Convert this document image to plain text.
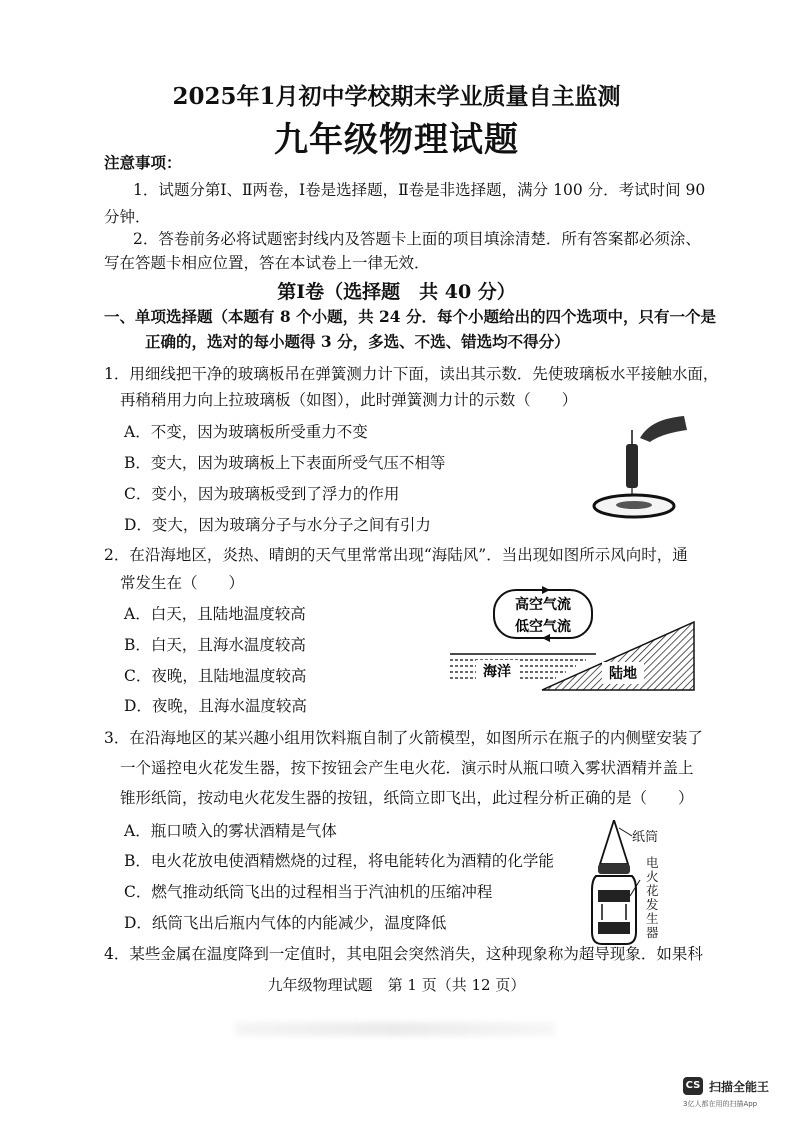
2025年1月初中学校期末学业质量自主监测
九年级物理试题
注意事项：
1．试题分第Ⅰ、Ⅱ两卷，Ⅰ卷是选择题，Ⅱ卷是非选择题，满分 100 分．考试时间 90
分钟．
2．答卷前务必将试题密封线内及答题卡上面的项目填涂清楚．所有答案都必须涂、
写在答题卡相应位置，答在本试卷上一律无效．
第Ⅰ卷（选择题　共 40 分）
一、单项选择题（本题有 8 个小题，共 24 分．每个小题给出的四个选项中，只有一个是
正确的，选对的每小题得 3 分，多选、不选、错选均不得分）
1．用细线把干净的玻璃板吊在弹簧测力计下面，读出其示数．先使玻璃板水平接触水面，
再稍稍用力向上拉玻璃板（如图），此时弹簧测力计的示数（　　）
A．不变，因为玻璃板所受重力不变
B．变大，因为玻璃板上下表面所受气压不相等
C．变小，因为玻璃板受到了浮力的作用
D．变大，因为玻璃分子与水分子之间有引力
2．在沿海地区，炎热、晴朗的天气里常常出现“海陆风”．当出现如图所示风向时，通
常发生在（　　）
A．白天，且陆地温度较高
B．白天，且海水温度较高
C．夜晚，且陆地温度较高
D．夜晚，且海水温度较高
高空气流
低空气流
海洋	陆地
3．在沿海地区的某兴趣小组用饮料瓶自制了火箭模型，如图所示在瓶子的内侧壁安装了
一个遥控电火花发生器，按下按钮会产生电火花．演示时从瓶口喷入雾状酒精并盖上
锥形纸筒，按动电火花发生器的按钮，纸筒立即飞出，此过程分析正确的是（　　）
A．瓶口喷入的雾状酒精是气体
B．电火花放电使酒精燃烧的过程，将电能转化为酒精的化学能
C．燃气推动纸筒飞出的过程相当于汽油机的压缩冲程
D．纸筒飞出后瓶内气体的内能减少，温度降低
纸筒
电火花发生器
4．某些金属在温度降到一定值时，其电阻会突然消失，这种现象称为超导现象．如果科
九年级物理试题　第 1 页（共 12 页）
CS 扫描全能王
3亿人都在用的扫描App
